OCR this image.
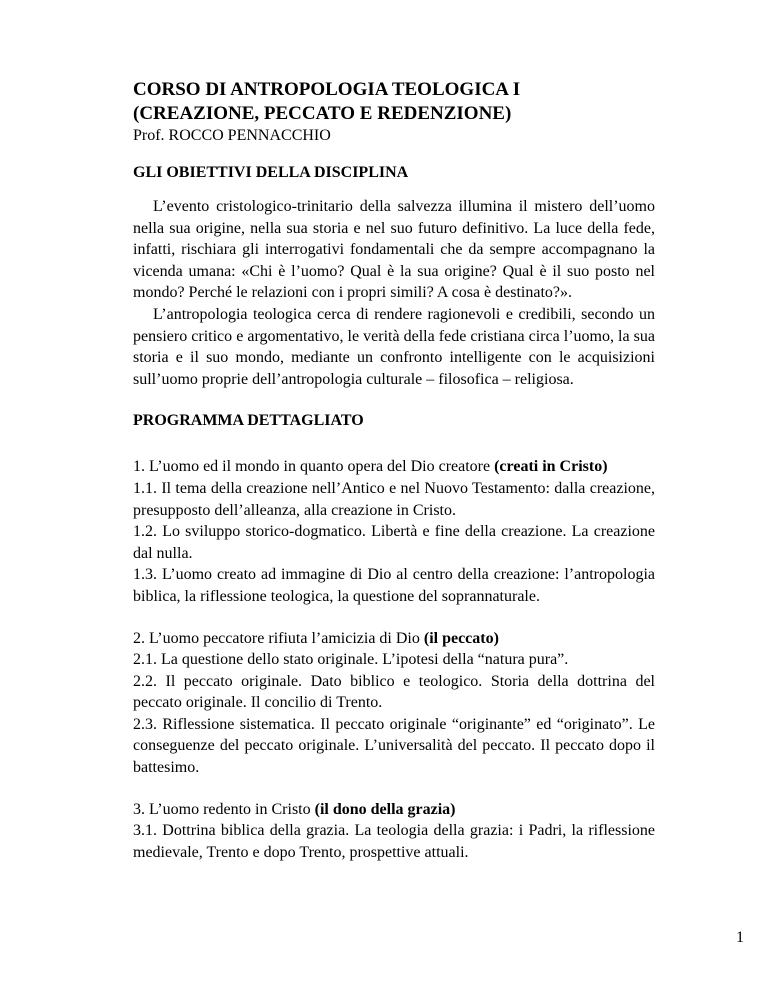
CORSO DI ANTROPOLOGIA TEOLOGICA I
(CREAZIONE, PECCATO E REDENZIONE)
Prof. ROCCO PENNACCHIO
GLI OBIETTIVI DELLA DISCIPLINA

L’evento cristologico-trinitario della salvezza illumina il mistero dell’uomo nella sua origine, nella sua storia e nel suo futuro definitivo. La luce della fede, infatti, rischiara gli interrogativi fondamentali che da sempre accompagnano la vicenda umana: «Chi è l’uomo? Qual è la sua origine? Qual è il suo posto nel mondo? Perché le relazioni con i propri simili? A cosa è destinato?».

L’antropologia teologica cerca di rendere ragionevoli e credibili, secondo un pensiero critico e argomentativo, le verità della fede cristiana circa l’uomo, la sua storia e il suo mondo, mediante un confronto intelligente con le acquisizioni sull’uomo proprie dell’antropologia culturale – filosofica – religiosa.

PROGRAMMA DETTAGLIATO

1. L’uomo ed il mondo in quanto opera del Dio creatore (creati in Cristo)

1.1. Il tema della creazione nell’Antico e nel Nuovo Testamento: dalla creazione, presupposto dell’alleanza, alla creazione in Cristo.

1.2. Lo sviluppo storico-dogmatico. Libertà e fine della creazione. La creazione dal nulla.

1.3. L’uomo creato ad immagine di Dio al centro della creazione: l’antropologia biblica, la riflessione teologica, la questione del soprannaturale.

2. L’uomo peccatore rifiuta l’amicizia di Dio (il peccato)

2.1. La questione dello stato originale. L’ipotesi della “natura pura”.

2.2. Il peccato originale. Dato biblico e teologico. Storia della dottrina del peccato originale. Il concilio di Trento.

2.3. Riflessione sistematica. Il peccato originale “originante” ed “originato”. Le conseguenze del peccato originale. L’universalità del peccato. Il peccato dopo il battesimo.

3. L’uomo redento in Cristo (il dono della grazia)

3.1. Dottrina biblica della grazia. La teologia della grazia: i Padri, la riflessione medievale, Trento e dopo Trento, prospettive attuali.

1
